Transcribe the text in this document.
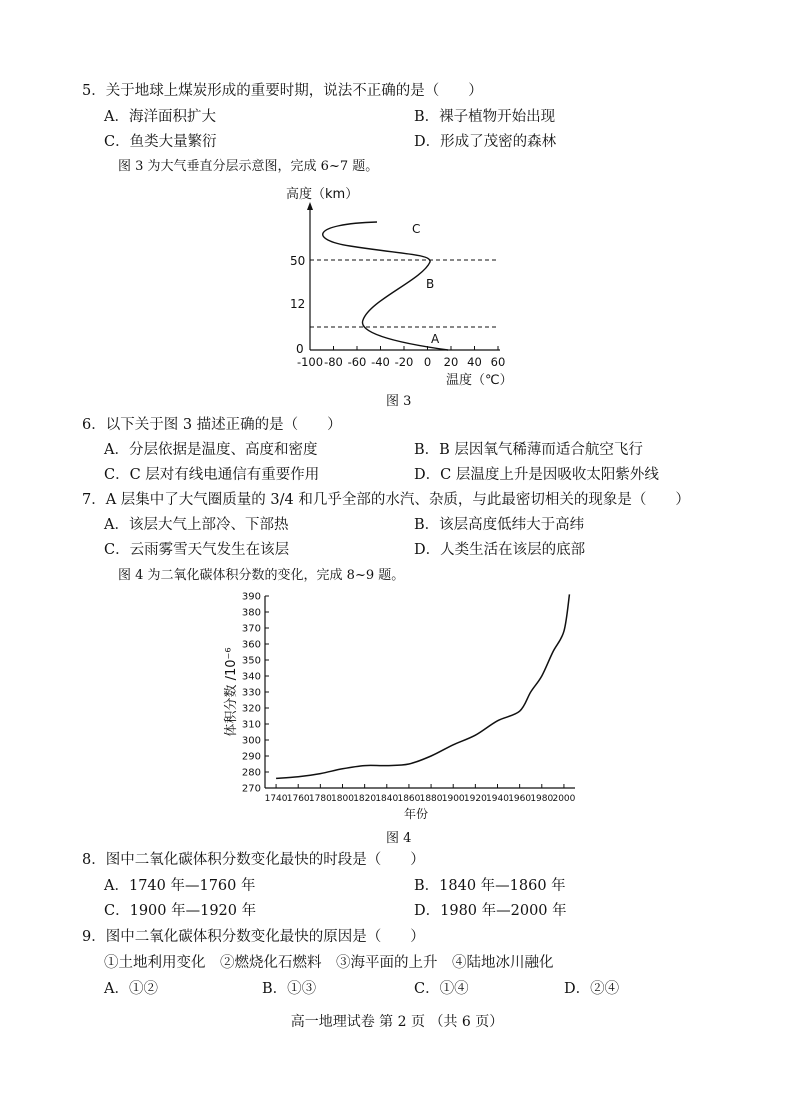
5．关于地球上煤炭形成的重要时期，说法不正确的是（　　）
A．海洋面积扩大	B．裸子植物开始出现
C．鱼类大量繁衍	D．形成了茂密的森林
图 3 为大气垂直分层示意图，完成 6~7 题。
高度（km）
50
12
0
C
B
A
-100 -80 -60 -40 -20 0 20 40 60
温度（℃）
图 3
6．以下关于图 3 描述正确的是（　　）
A．分层依据是温度、高度和密度	B．B 层因氧气稀薄而适合航空飞行
C．C 层对有线电通信有重要作用	D．C 层温度上升是因吸收太阳紫外线
7．A 层集中了大气圈质量的 3/4 和几乎全部的水汽、杂质，与此最密切相关的现象是（　　）
A．该层大气上部冷、下部热	B．该层高度低纬大于高纬
C．云雨雾雪天气发生在该层	D．人类生活在该层的底部
图 4 为二氧化碳体积分数的变化，完成 8~9 题。
270
280
290
300
310
320
330
340
350
360
370
380
390
1740 1760 1780 1800 1820 1840 1860 1880 1900 1920 1940 1960 1980 2000
体积分数 /10⁻⁶
年份
图 4
8．图中二氧化碳体积分数变化最快的时段是（　　）
A．1740 年—1760 年	B．1840 年—1860 年
C．1900 年—1920 年	D．1980 年—2000 年
9．图中二氧化碳体积分数变化最快的原因是（　　）
①土地利用变化　②燃烧化石燃料　③海平面的上升　④陆地冰川融化
A．①②	B．①③	C．①④	D．②④
高一地理试卷 第 2 页 （共 6 页）
